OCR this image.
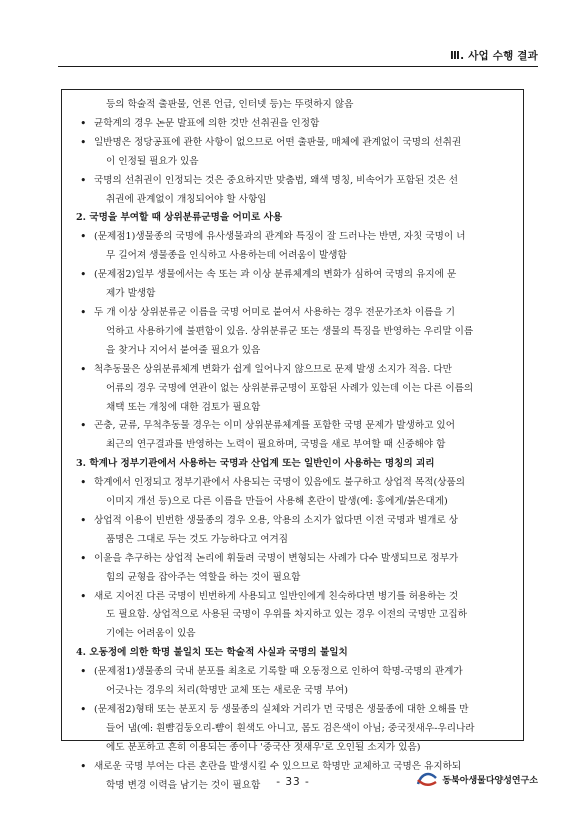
Ⅲ. 사업 수행 결과
등의 학술적 출판물, 언론 언급, 인터넷 등)는 뚜렷하지 않음
• 균학계의 경우 논문 발표에 의한 것만 선취권을 인정함
• 일반명은 정당공표에 관한 사항이 없으므로 어떤 출판물, 매체에 관계없이 국명의 선취권
이 인정될 필요가 있음
• 국명의 선취권이 인정되는 것은 중요하지만 맞춤법, 왜색 명칭, 비속어가 포함된 것은 선
취권에 관계없이 개칭되어야 할 사항임
2. 국명을 부여할 때 상위분류군명을 어미로 사용
• (문제점1)생물종의 국명에 유사생물과의 관계와 특징이 잘 드러나는 반면, 자칫 국명이 너
무 길어져 생물종을 인식하고 사용하는데 어려움이 발생함
• (문제점2)일부 생물에서는 속 또는 과 이상 분류체계의 변화가 심하여 국명의 유지에 문
제가 발생함
• 두 개 이상 상위분류군 이름을 국명 어미로 붙여서 사용하는 경우 전문가조차 이름을 기
억하고 사용하기에 불편함이 있음. 상위분류군 또는 생물의 특징을 반영하는 우리말 이름
을 찾거나 지어서 붙여줄 필요가 있음
• 척추동물은 상위분류체계 변화가 쉽게 일어나지 않으므로 문제 발생 소지가 적음. 다만
어류의 경우 국명에 연관이 없는 상위분류군명이 포함된 사례가 있는데 이는 다른 이름의
채택 또는 개칭에 대한 검토가 필요함
• 곤충, 균류, 무척추동물 경우는 이미 상위분류체계를 포함한 국명 문제가 발생하고 있어
최근의 연구결과를 반영하는 노력이 필요하며, 국명을 새로 부여할 때 신중해야 함
3. 학계나 정부기관에서 사용하는 국명과 산업계 또는 일반인이 사용하는 명칭의 괴리
• 학계에서 인정되고 정부기관에서 사용되는 국명이 있음에도 불구하고 상업적 목적(상품의
이미지 개선 등)으로 다른 이름을 만들어 사용해 혼란이 발생(예: 홍에게/붉은대게)
• 상업적 이용이 빈번한 생물종의 경우 오용, 악용의 소지가 없다면 이전 국명과 별개로 상
품명은 그대로 두는 것도 가능하다고 여겨짐
• 이윤을 추구하는 상업적 논리에 휘둘려 국명이 변형되는 사례가 다수 발생되므로 정부가
힘의 균형을 잡아주는 역할을 하는 것이 필요함
• 새로 지어진 다른 국명이 빈번하게 사용되고 일반인에게 친숙하다면 병기를 허용하는 것
도 필요함. 상업적으로 사용된 국명이 우위를 차지하고 있는 경우 이전의 국명만 고집하
기에는 어려움이 있음
4. 오동정에 의한 학명 불일치 또는 학술적 사실과 국명의 불일치
• (문제점1)생물종의 국내 분포를 최초로 기록할 때 오동정으로 인하여 학명-국명의 관계가
어긋나는 경우의 처리(학명만 교체 또는 새로운 국명 부여)
• (문제점2)형태 또는 분포지 등 생물종의 실체와 거리가 먼 국명은 생물종에 대한 오해를 만
들어 냄(예: 흰뺨검둥오리-뺨이 흰색도 아니고, 몸도 검은색이 아님; 중국젓새우-우리나라
에도 분포하고 흔히 이용되는 종이나 '중국산 젓새우'로 오인될 소지가 있음)
• 새로운 국명 부여는 다른 혼란을 발생시킬 수 있으므로 학명만 교체하고 국명은 유지하되
학명 변경 이력을 남기는 것이 필요함	- 33 -	동북아생물다양성연구소
